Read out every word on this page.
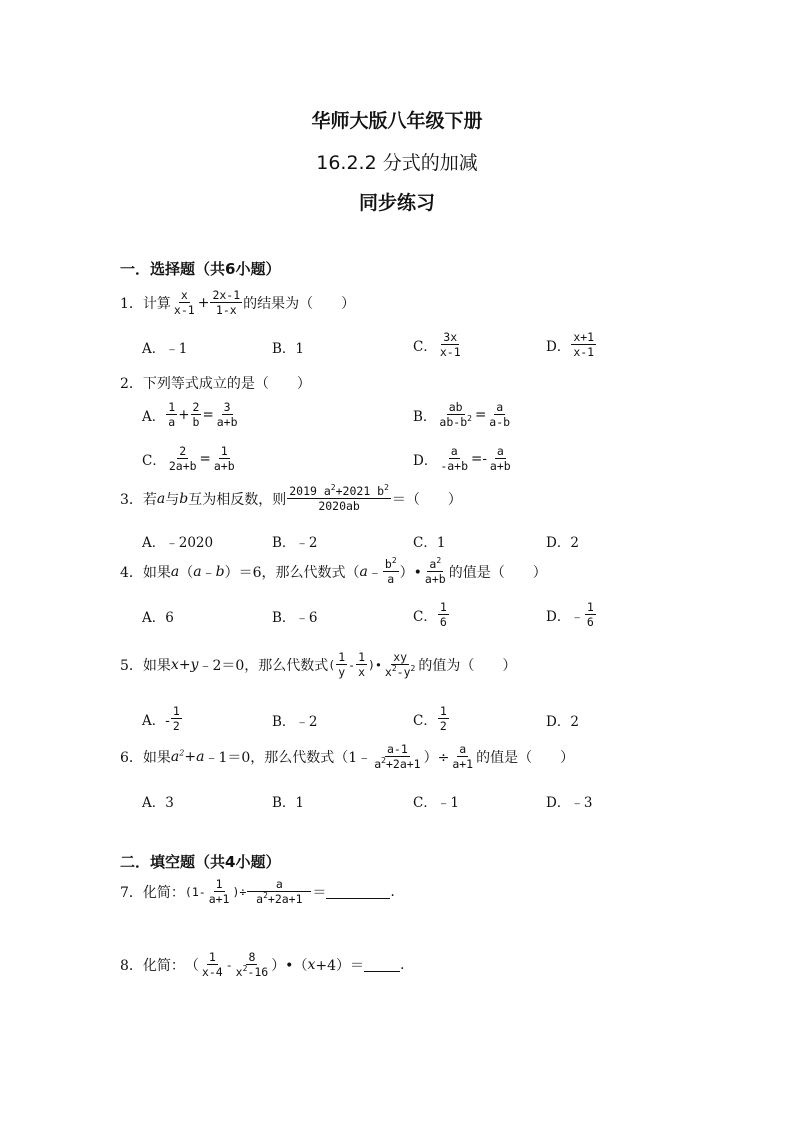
华师大版八年级下册
16.2.2 分式的加减
同步练习
一．选择题（共6小题）
1．计算
x
$x-1 + \frac{2x-1}{1-x}$ 的结果为（　　）
A．﹣1	B．1	C．
3x
x-1	D．
x+1
x-1
2．下列等式成立的是（　　）
A．
1
$a + \frac{2}{b} = \frac{3}{a+b}$	B． $\frac{ab}{ab-b^2} = \frac{a}{a-b}$
C． $\frac{2}{2a+b} = \frac{1}{a+b}$	D． $\frac{a}{-a+b} =- a$
a+b
3．若 a 与 b 互为相反数，则
2019 $a^2+2021$ $b^2$
2020ab ＝（　　）
A．﹣2020	B．﹣2	C．1	D．2
4．如果 a （ a ﹣ b ）＝6，那么代数式（ a ﹣
$b^2$
a ）•
$a^2$
a+b 的值是（　　）
A．6	B．﹣6	C．
1
6	D．﹣
1
6
5．如果 x+y ﹣2＝0，那么代数式 (
1
y
-
1
x
)•
xy
$x^2-y^2$ 的值为（　　）
A．-
1
2	B．﹣2	C．
1
2	D．2
6．如果 $a^2 + a$ ﹣1＝0，那么代数式（1﹣
a-1
$a^2+2a+1$ ）÷ $\frac{a}{a+1}$ 的值是（　　）
A．3	B．1	C．﹣1	D．﹣3
二．填空题（共4小题）
7．化简： (1-
1
a+1
)÷ $\frac{a}{a^2+2a+1}$ ＝	.
8．化简： （
1
x-4
-
8
$x^2-16$ ）•（ x +4）＝	.
